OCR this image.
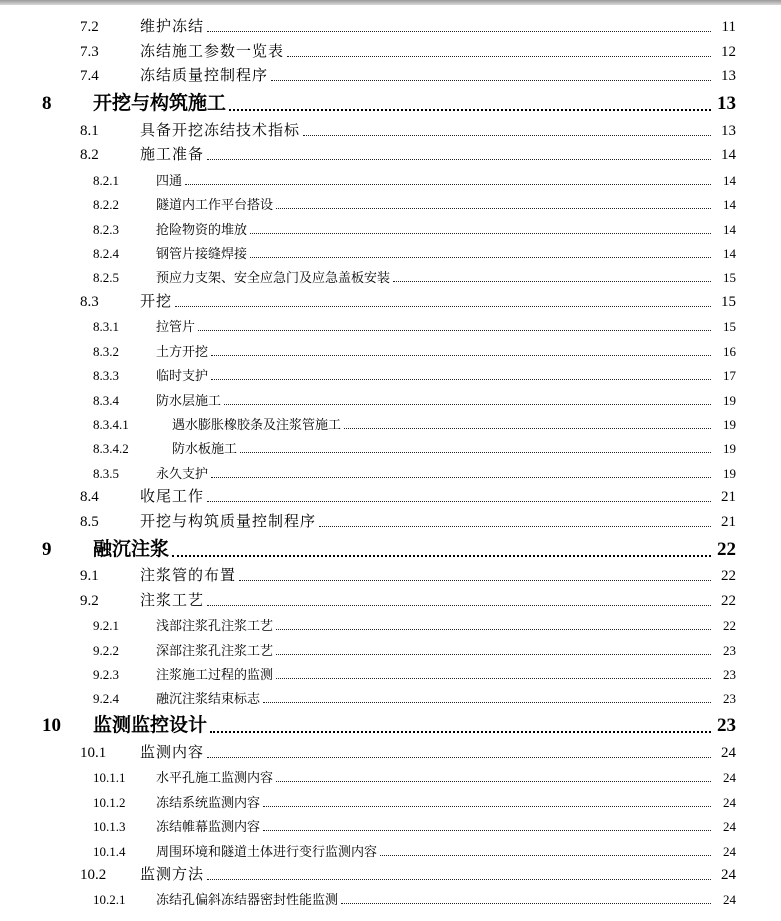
7.2	维护冻结	11
7.3	冻结施工参数一览表	12
7.4	冻结质量控制程序	13
8 开挖与构筑施工	13
8.1	具备开挖冻结技术指标	13
8.2	施工准备	14
8.2.1	四通	14
8.2.2	隧道内工作平台搭设	14
8.2.3	抢险物资的堆放	14
8.2.4	钢管片接缝焊接	14
8.2.5	预应力支架、安全应急门及应急盖板安装	15
8.3	开挖	15
8.3.1	拉管片	15
8.3.2	土方开挖	16
8.3.3	临时支护	17
8.3.4	防水层施工	19
8.3.4.1	遇水膨胀橡胶条及注浆管施工	19
8.3.4.2	防水板施工	19
8.3.5	永久支护	19
8.4	收尾工作	21
8.5	开挖与构筑质量控制程序	21
9 融沉注浆	22
9.1	注浆管的布置	22
9.2	注浆工艺	22
9.2.1	浅部注浆孔注浆工艺	22
9.2.2	深部注浆孔注浆工艺	23
9.2.3	注浆施工过程的监测	23
9.2.4	融沉注浆结束标志	23
10 监测监控设计	23
10.1 监测内容	24
10.1.1 水平孔施工监测内容	24
10.1.2 冻结系统监测内容	24
10.1.3 冻结帷幕监测内容	24
10.1.4 周围环境和隧道土体进行变行监测内容	24
10.2 监测方法	24
10.2.1 冻结孔偏斜冻结器密封性能监测	24
